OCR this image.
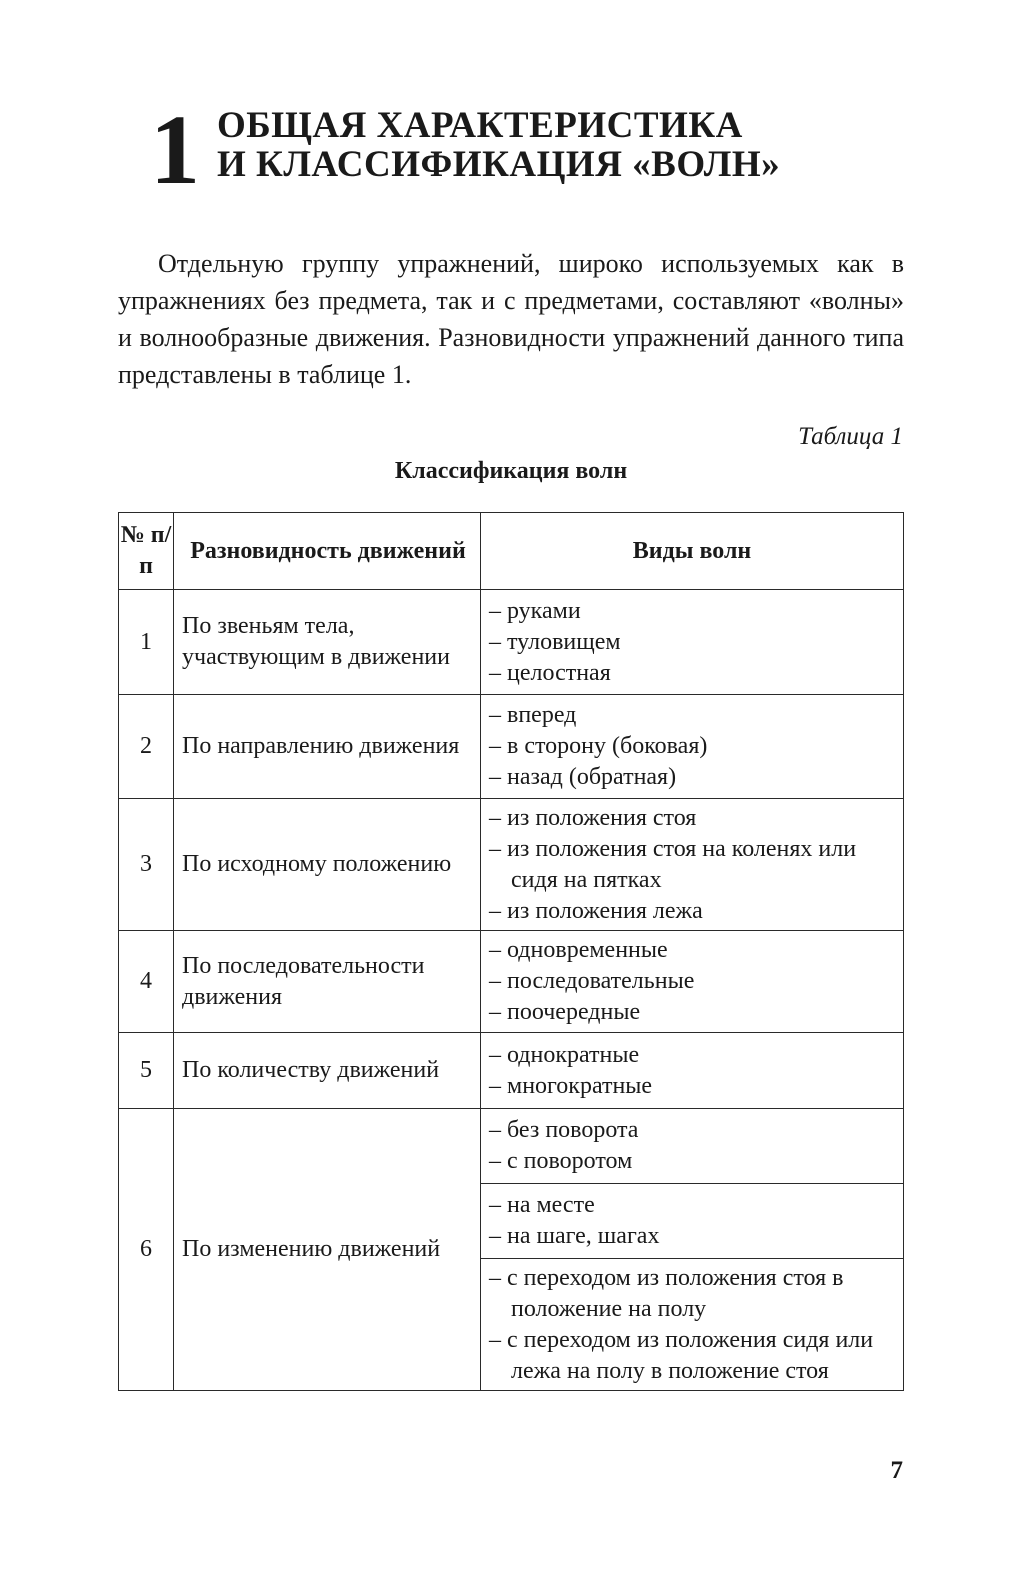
1 ОБЩАЯ ХАРАКТЕРИСТИКА
И КЛАССИФИКАЦИЯ «ВОЛН»

Отдельную группу упражнений, широко используемых как в упражнениях без предмета, так и с предметами, составляют «волны» и волнообразные движения. Разновидности упражнений данного типа представлены в таблице 1.

Таблица 1
Классификация волн
№ п/п	Разновидность движений	Виды волн
1	По звеньям тела, участвующим в движении	– руками
– туловищем
– целостная

2	По направлению движения	– вперед
– в сторону (боковая)
– назад (обратная)

3	По исходному положению	– из положения стоя
– из положения стоя на коленях или сидя на пятках
– из положения лежа

4	По последовательности движения	– одновременные
– последовательные
– поочередные

5	По количеству движений	– однократные
– многократные

6	По изменению движений	– без поворота
– с поворотом

		– на месте
– на шаге, шагах

		– с переходом из положения стоя в положение на полу
– с переходом из положения сидя или лежа на полу в положение стоя
7
